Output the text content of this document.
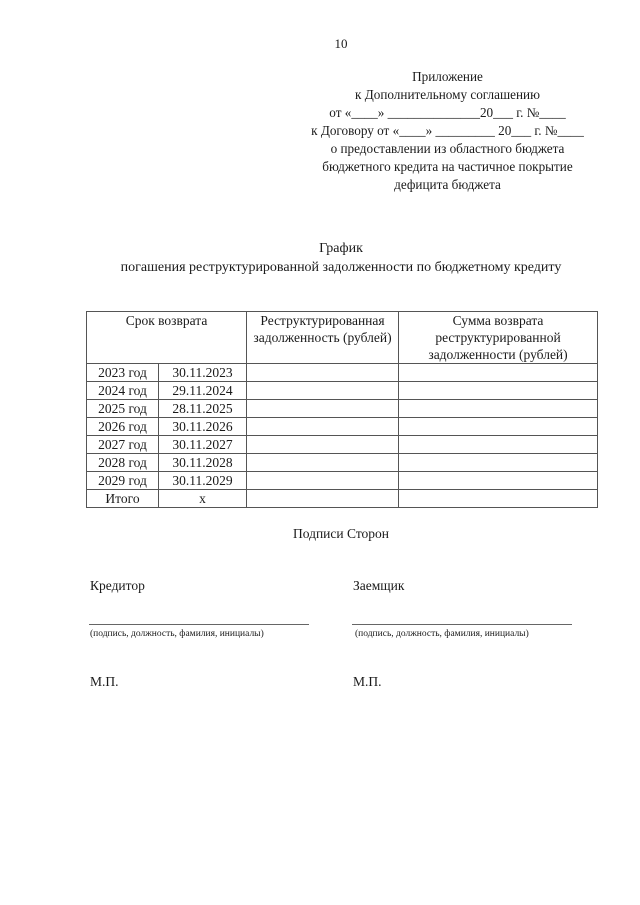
10
Приложение
к Дополнительному соглашению
от «____» ______________20___ г. №____
к Договору от «____» _________ 20___ г. №____
о предоставлении из областного бюджета
бюджетного кредита на частичное покрытие
дефицита бюджета
График
погашения реструктурированной задолженности по бюджетному кредиту
Срок возврата		Реструктурированная задолженность (рублей)	Сумма возврата реструктурированной задолженности (рублей)
2023 год	30.11.2023		
2024 год	29.11.2024		
2025 год	28.11.2025		
2026 год	30.11.2026		
2027 год	30.11.2027		
2028 год	30.11.2028		
2029 год	30.11.2029		
Итого	х		
Подписи Сторон
Кредитор	Заемщик
(подпись, должность, фамилия, инициалы)	(подпись, должность, фамилия, инициалы)
М.П.	М.П.
